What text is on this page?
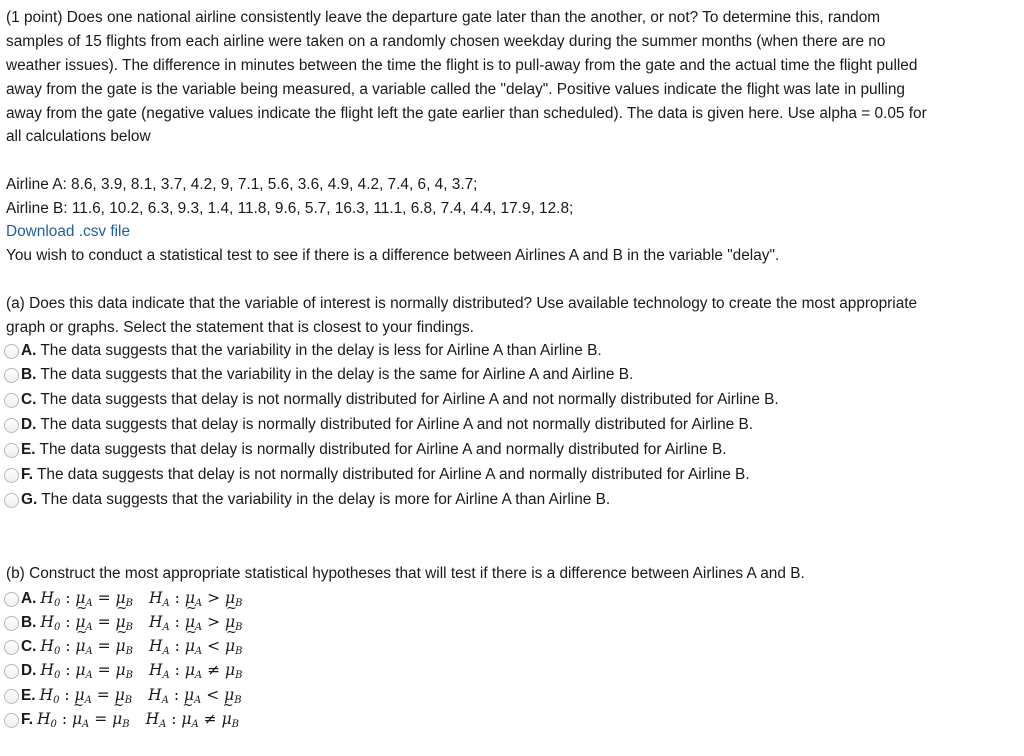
(1 point) Does one national airline consistently leave the departure gate later than the another, or not? To determine this, random
samples of 15 flights from each airline were taken on a randomly chosen weekday during the summer months (when there are no
weather issues). The difference in minutes between the time the flight is to pull-away from the gate and the actual time the flight pulled
away from the gate is the variable being measured, a variable called the "delay". Positive values indicate the flight was late in pulling
away from the gate (negative values indicate the flight left the gate earlier than scheduled). The data is given here. Use alpha = 0.05 for
all calculations below
Airline A: 8.6, 3.9, 8.1, 3.7, 4.2, 9, 7.1, 5.6, 3.6, 4.9, 4.2, 7.4, 6, 4, 3.7;
Airline B: 11.6, 10.2, 6.3, 9.3, 1.4, 11.8, 9.6, 5.7, 16.3, 11.1, 6.8, 7.4, 4.4, 17.9, 12.8;
Download .csv file
You wish to conduct a statistical test to see if there is a difference between Airlines A and B in the variable "delay".
(a) Does this data indicate that the variable of interest is normally distributed? Use available technology to create the most appropriate
graph or graphs. Select the statement that is closest to your findings.
A. The data suggests that the variability in the delay is less for Airline A than Airline B.
B. The data suggests that the variability in the delay is the same for Airline A and Airline B.
C. The data suggests that delay is not normally distributed for Airline A and not normally distributed for Airline B.
D. The data suggests that delay is normally distributed for Airline A and not normally distributed for Airline B.
E. The data suggests that delay is normally distributed for Airline A and normally distributed for Airline B.
F. The data suggests that delay is not normally distributed for Airline A and normally distributed for Airline B.
G. The data suggests that the variability in the delay is more for Airline A than Airline B.
(b) Construct the most appropriate statistical hypotheses that will test if there is a difference between Airlines A and B.
A. $H_0$ : $\mu_A = \mu_B$ $H_A$ : $\mu_A > \mu_B$
B. $H_0$ : ~ $\mu_A$ = ~ $\mu_B$ $H_A$ : ~ $\mu_A$ > ~ $\mu_B$
C. $H_0$ : ~ $\mu_A$ = ~ $\mu_B$ $H_A$ : ~ $\mu_A$ < ~ $\mu_B$
D. $H_0$ : $\mu_A = \mu_B$ $H_A$ : $\mu_A \ne \mu_B$
E. $H_0$ : $\mu_A = \mu_B$ $H_A$ : $\mu_A < \mu_B$
F. $H_0$ : ~ $\mu_A$ = ~ $\mu_B$ $H_A$ : ~ $\mu_A$ ≠ ~ $\mu_B$
